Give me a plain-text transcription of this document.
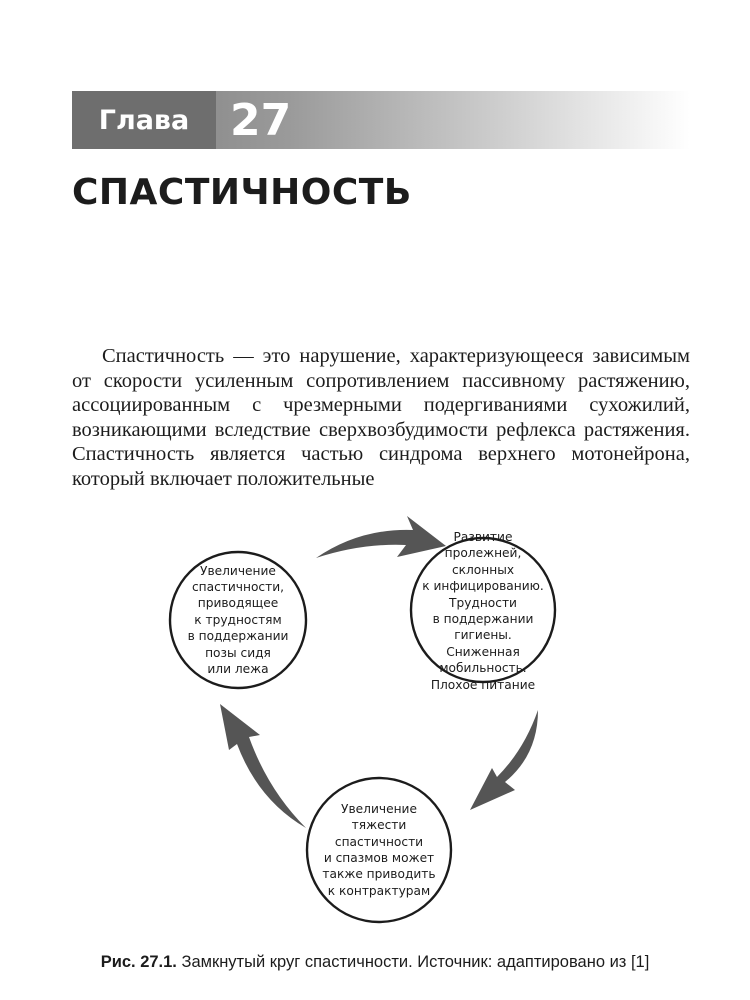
Глава 27
СПАСТИЧНОСТЬ

Спастичность — это нарушение, характеризующееся зависимым от скорости усиленным сопротивлением пассивному растяжению, ассоциированным с чрезмерными подергиваниями сухожилий, возникающими вследствие сверхвозбудимости рефлекса растяжения. Спастичность является частью синдрома верхнего мотонейрона, который включает положительные

Увеличение
спастичности,
приводящее
к трудностям
в поддержании
позы сидя
или лежа
Развитие
пролежней,
склонных
к инфицированию.
Трудности
в поддержании гигиены.
Сниженная
мобильность.
Плохое питание
Увеличение
тяжести
спастичности
и спазмов может
также приводить
к контрактурам
Рис. 27.1. Замкнутый круг спастичности. Источник: адаптировано из [1]
